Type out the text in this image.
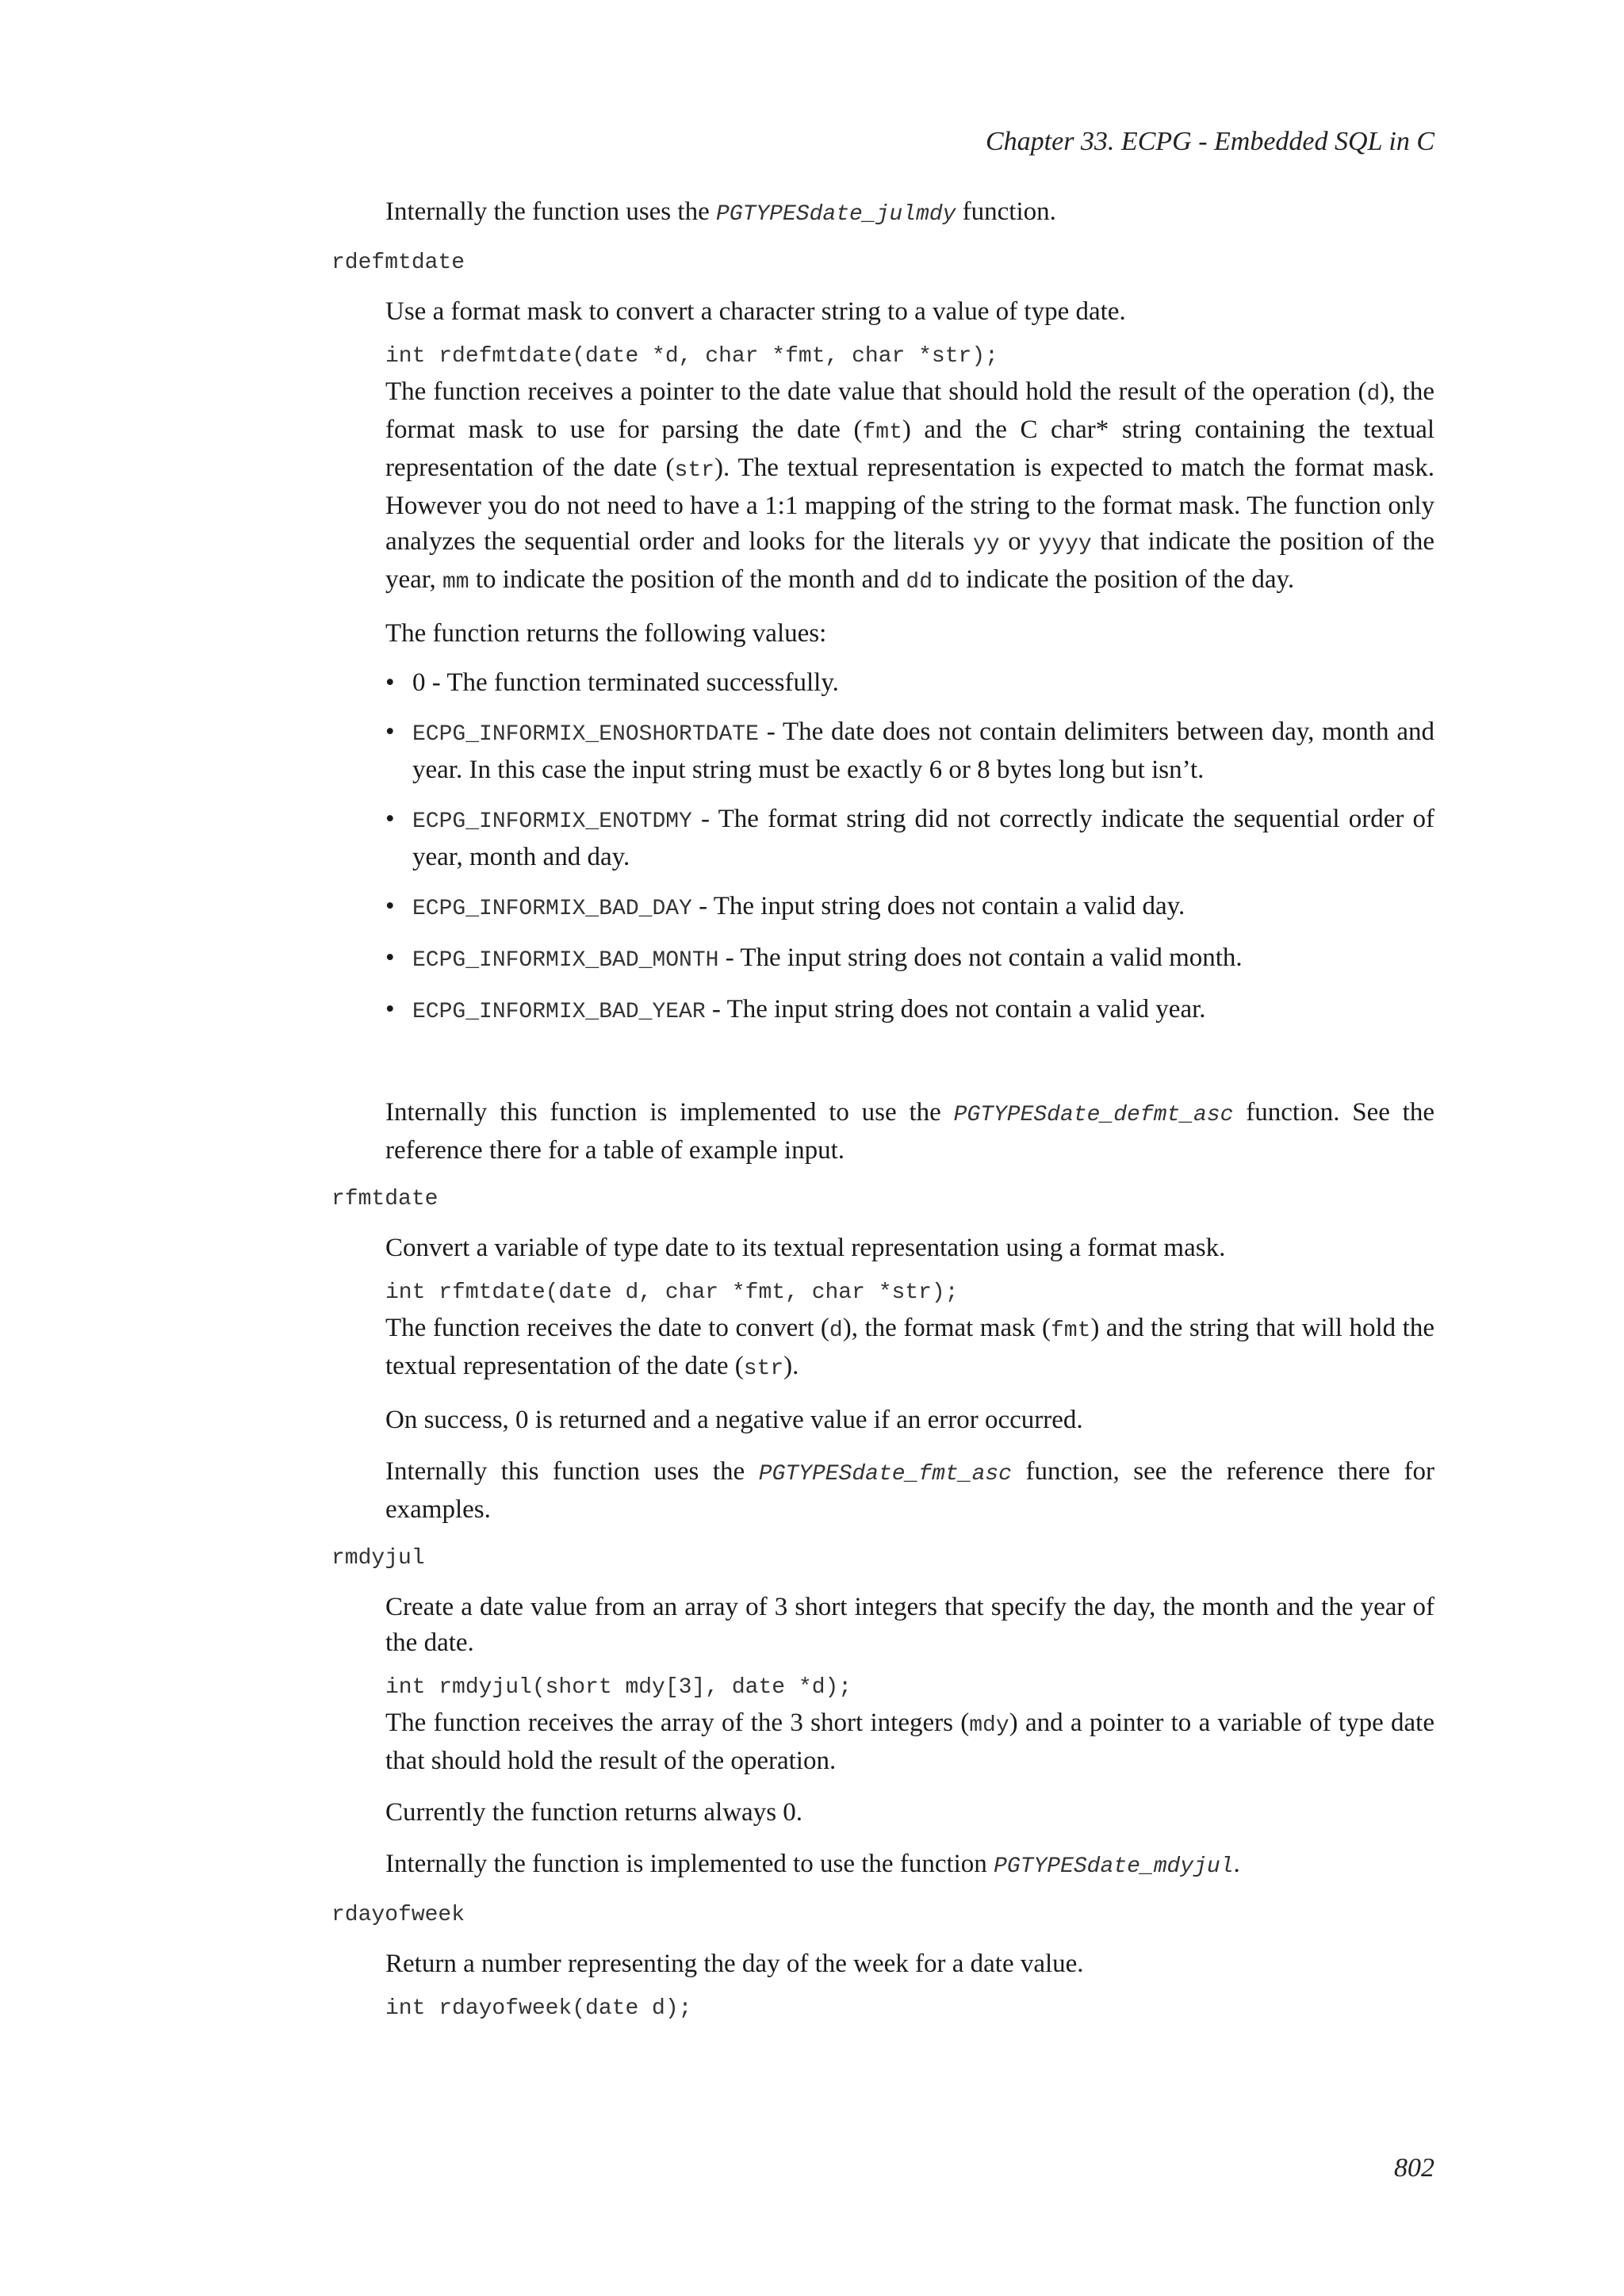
Chapter 33. ECPG - Embedded SQL in C

Internally the function uses the PGTYPESdate_julmdy function.

rdefmtdate

Use a format mask to convert a character string to a value of type date.

int rdefmtdate(date *d, char *fmt, char *str);

The function receives a pointer to the date value that should hold the result of the operation (d), the format mask to use for parsing the date (fmt) and the C char* string containing the textual representation of the date (str). The textual representation is expected to match the format mask. However you do not need to have a 1:1 mapping of the string to the format mask. The function only analyzes the sequential order and looks for the literals yy or yyyy that indicate the position of the year, mm to indicate the position of the month and dd to indicate the position of the day.

The function returns the following values:

• 0 - The function terminated successfully.
• ECPG_INFORMIX_ENOSHORTDATE - The date does not contain delimiters between day, month and year. In this case the input string must be exactly 6 or 8 bytes long but isn’t.
• ECPG_INFORMIX_ENOTDMY - The format string did not correctly indicate the sequential order of year, month and day.
• ECPG_INFORMIX_BAD_DAY - The input string does not contain a valid day.
• ECPG_INFORMIX_BAD_MONTH - The input string does not contain a valid month.
• ECPG_INFORMIX_BAD_YEAR - The input string does not contain a valid year.

Internally this function is implemented to use the PGTYPESdate_defmt_asc function. See the reference there for a table of example input.

rfmtdate

Convert a variable of type date to its textual representation using a format mask.

int rfmtdate(date d, char *fmt, char *str);

The function receives the date to convert (d), the format mask (fmt) and the string that will hold the textual representation of the date (str).

On success, 0 is returned and a negative value if an error occurred.

Internally this function uses the PGTYPESdate_fmt_asc function, see the reference there for examples.

rmdyjul

Create a date value from an array of 3 short integers that specify the day, the month and the year of the date.

int rmdyjul(short mdy[3], date *d);

The function receives the array of the 3 short integers (mdy) and a pointer to a variable of type date that should hold the result of the operation.

Currently the function returns always 0.

Internally the function is implemented to use the function PGTYPESdate_mdyjul.

rdayofweek

Return a number representing the day of the week for a date value.

int rdayofweek(date d);
802
